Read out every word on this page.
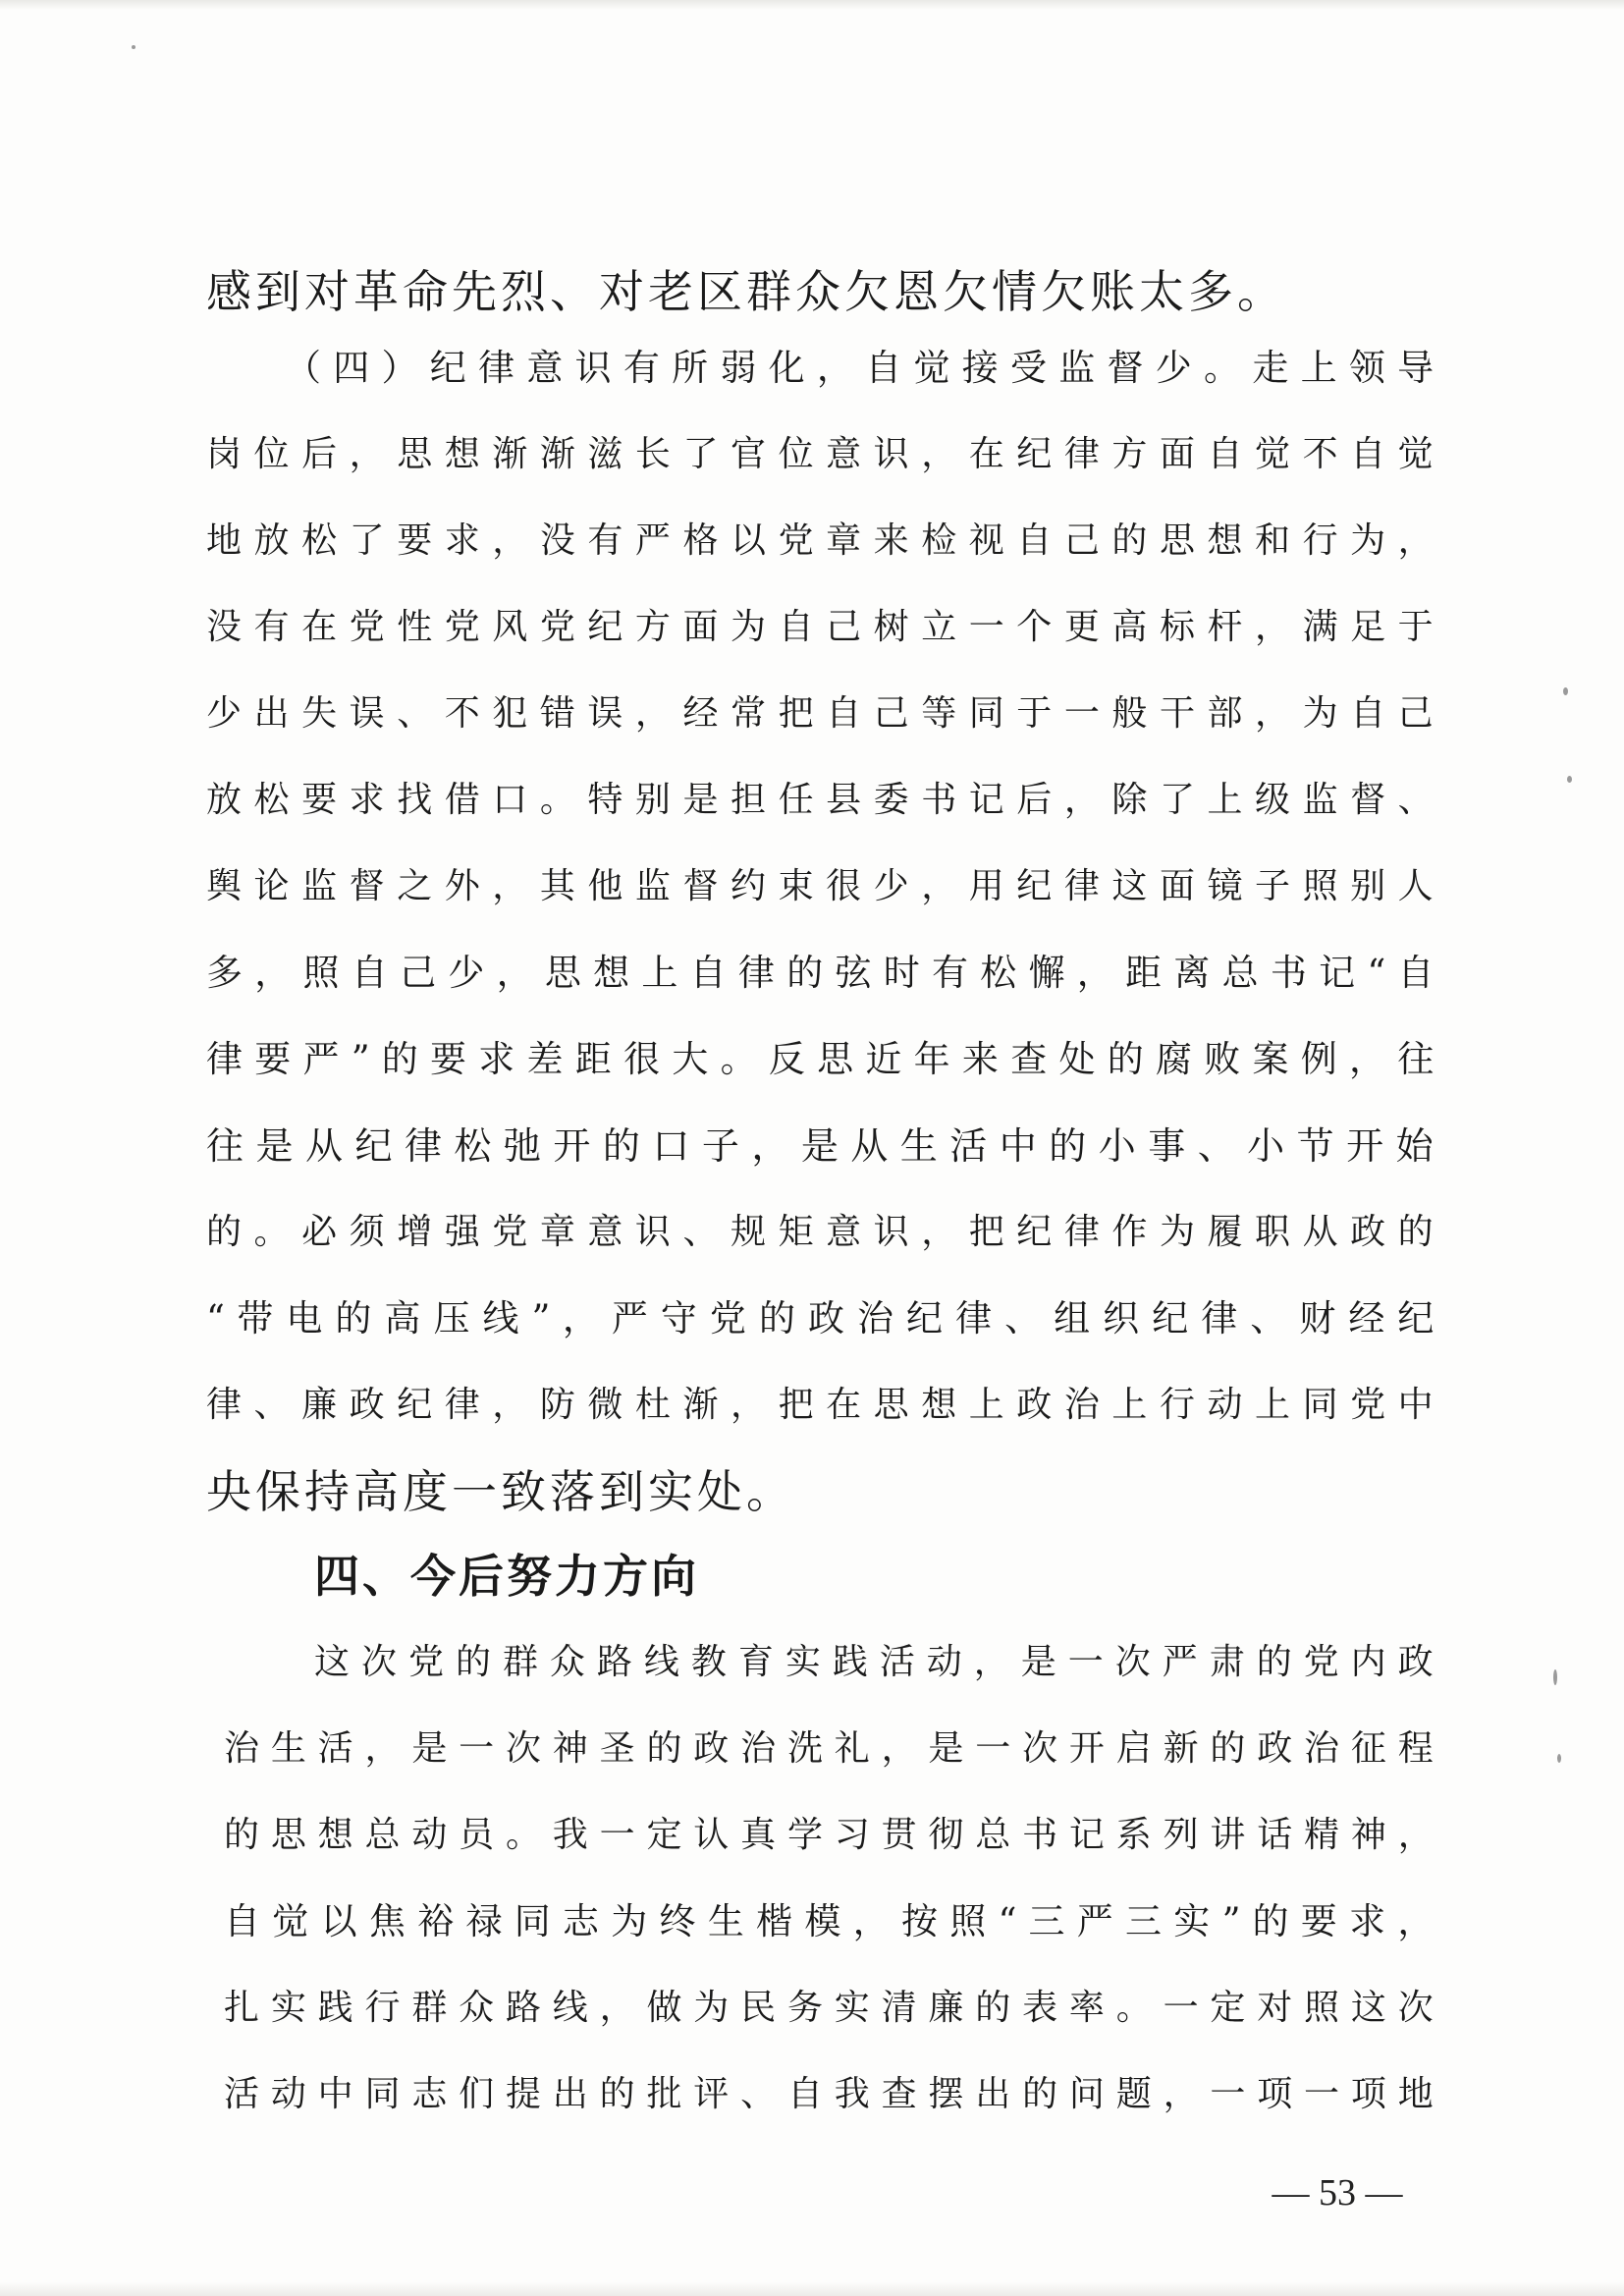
感到对革命先烈、对老区群众欠恩欠情欠账太多。
（ 四 ） 纪 律 意 识 有 所 弱 化 ， 自 觉 接 受 监 督 少 。 走 上 领 导
岗 位 后 ， 思 想 渐 渐 滋 长 了 官 位 意 识 ， 在 纪 律 方 面 自 觉 不 自 觉
地 放 松 了 要 求 ， 没 有 严 格 以 党 章 来 检 视 自 己 的 思 想 和 行 为 ，
没 有 在 党 性 党 风 党 纪 方 面 为 自 己 树 立 一 个 更 高 标 杆 ， 满 足 于
少 出 失 误 、 不 犯 错 误 ， 经 常 把 自 己 等 同 于 一 般 干 部 ， 为 自 己
放 松 要 求 找 借 口 。 特 别 是 担 任 县 委 书 记 后 ， 除 了 上 级 监 督 、
舆 论 监 督 之 外 ， 其 他 监 督 约 束 很 少 ， 用 纪 律 这 面 镜 子 照 别 人
多 ， 照 自 己 少 ， 思 想 上 自 律 的 弦 时 有 松 懈 ， 距 离 总 书 记 “ 自
律 要 严 ” 的 要 求 差 距 很 大 。 反 思 近 年 来 查 处 的 腐 败 案 例 ， 往
往 是 从 纪 律 松 弛 开 的 口 子 ， 是 从 生 活 中 的 小 事 、 小 节 开 始
的 。 必 须 增 强 党 章 意 识 、 规 矩 意 识 ， 把 纪 律 作 为 履 职 从 政 的
“ 带 电 的 高 压 线 ” ， 严 守 党 的 政 治 纪 律 、 组 织 纪 律 、 财 经 纪
律 、 廉 政 纪 律 ， 防 微 杜 渐 ， 把 在 思 想 上 政 治 上 行 动 上 同 党 中
央保持高度一致落到实处。
四、今后努力方向
这 次 党 的 群 众 路 线 教 育 实 践 活 动 ， 是 一 次 严 肃 的 党 内 政
治 生 活 ， 是 一 次 神 圣 的 政 治 洗 礼 ， 是 一 次 开 启 新 的 政 治 征 程
的 思 想 总 动 员 。 我 一 定 认 真 学 习 贯 彻 总 书 记 系 列 讲 话 精 神 ，
自 觉 以 焦 裕 禄 同 志 为 终 生 楷 模 ， 按 照 “ 三 严 三 实 ” 的 要 求 ，
扎 实 践 行 群 众 路 线 ， 做 为 民 务 实 清 廉 的 表 率 。 一 定 对 照 这 次
活 动 中 同 志 们 提 出 的 批 评 、 自 我 查 摆 出 的 问 题 ， 一 项 一 项 地
— 53 —
